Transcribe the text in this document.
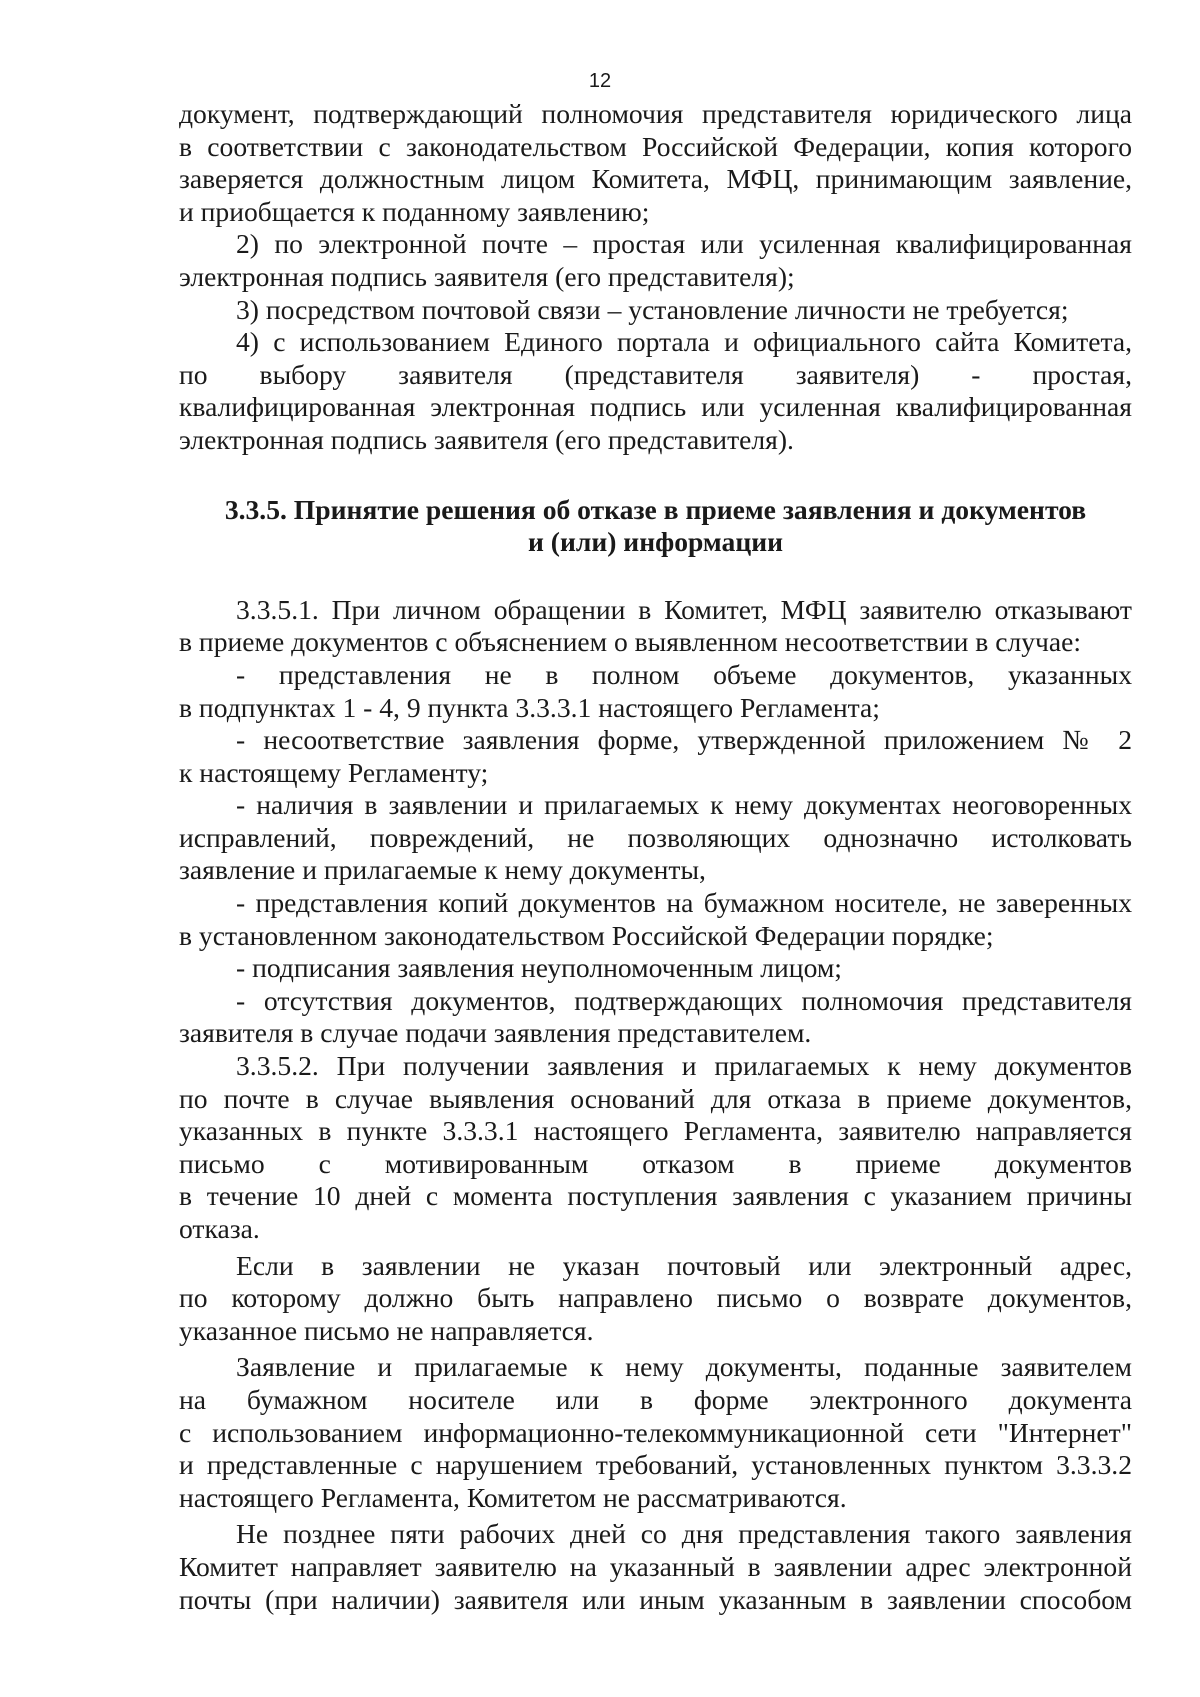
12
документ, подтверждающий полномочия представителя юридического лица
в соответствии с законодательством Российской Федерации, копия которого
заверяется должностным лицом Комитета, МФЦ, принимающим заявление,
и приобщается к поданному заявлению;
2) по электронной почте – простая или усиленная квалифицированная
электронная подпись заявителя (его представителя);
3) посредством почтовой связи – установление личности не требуется;
4) с использованием Единого портала и официального сайта Комитета,
по выбору заявителя (представителя заявителя) - простая,
квалифицированная электронная подпись или усиленная квалифицированная
электронная подпись заявителя (его представителя).
3.3.5. Принятие решения об отказе в приеме заявления и документов
и (или) информации
3.3.5.1. При личном обращении в Комитет, МФЦ заявителю отказывают
в приеме документов с объяснением о выявленном несоответствии в случае:
- представления не в полном объеме документов, указанных
в подпунктах 1 - 4, 9 пункта 3.3.3.1 настоящего Регламента;
- несоответствие заявления форме, утвержденной приложением № 2
к настоящему Регламенту;
- наличия в заявлении и прилагаемых к нему документах неоговоренных
исправлений, повреждений, не позволяющих однозначно истолковать
заявление и прилагаемые к нему документы,
- представления копий документов на бумажном носителе, не заверенных
в установленном законодательством Российской Федерации порядке;
- подписания заявления неуполномоченным лицом;
- отсутствия документов, подтверждающих полномочия представителя
заявителя в случае подачи заявления представителем.
3.3.5.2. При получении заявления и прилагаемых к нему документов
по почте в случае выявления оснований для отказа в приеме документов,
указанных в пункте 3.3.3.1 настоящего Регламента, заявителю направляется
письмо с мотивированным отказом в приеме документов
в течение 10 дней с момента поступления заявления с указанием причины
отказа.
Если в заявлении не указан почтовый или электронный адрес,
по которому должно быть направлено письмо о возврате документов,
указанное письмо не направляется.
Заявление и прилагаемые к нему документы, поданные заявителем
на бумажном носителе или в форме электронного документа
с использованием информационно-телекоммуникационной сети "Интернет"
и представленные с нарушением требований, установленных пунктом 3.3.3.2
настоящего Регламента, Комитетом не рассматриваются.
Не позднее пяти рабочих дней со дня представления такого заявления
Комитет направляет заявителю на указанный в заявлении адрес электронной
почты (при наличии) заявителя или иным указанным в заявлении способом
